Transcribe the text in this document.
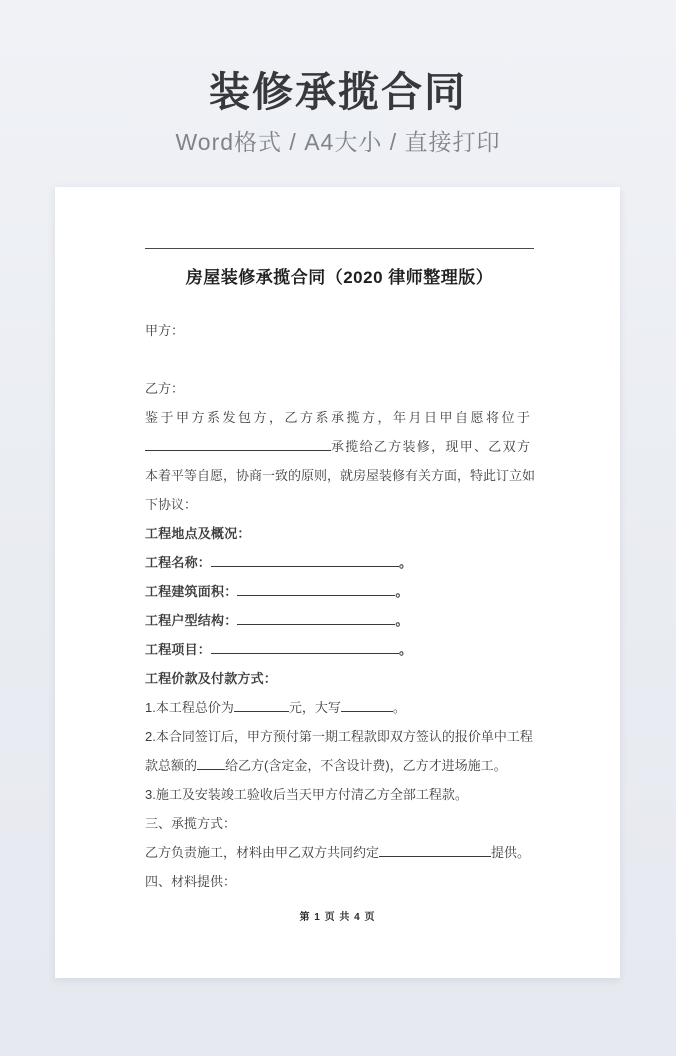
装修承揽合同
Word格式 / A4大小 / 直接打印
房屋装修承揽合同（2020 律师整理版）
甲方：
乙方：
鉴于甲方系发包方，乙方系承揽方，年月日甲自愿将位于
承揽给乙方装修，现甲、乙双方
本着平等自愿，协商一致的原则，就房屋装修有关方面，特此订立如
下协议：
工程地点及概况：
工程名称：	。
工程建筑面积：	。
工程户型结构：	。
工程项目：	。
工程价款及付款方式：
1.本工程总价为	元，大写	。
2.本合同签订后，甲方预付第一期工程款即双方签认的报价单中工程
款总额的 给乙方(含定金，不含设计费)，乙方才进场施工。
3.施工及安装竣工验收后当天甲方付清乙方全部工程款。
三、承揽方式：
乙方负责施工，材料由甲乙双方共同约定	提供。
四、材料提供：
第 1 页 共 4 页
